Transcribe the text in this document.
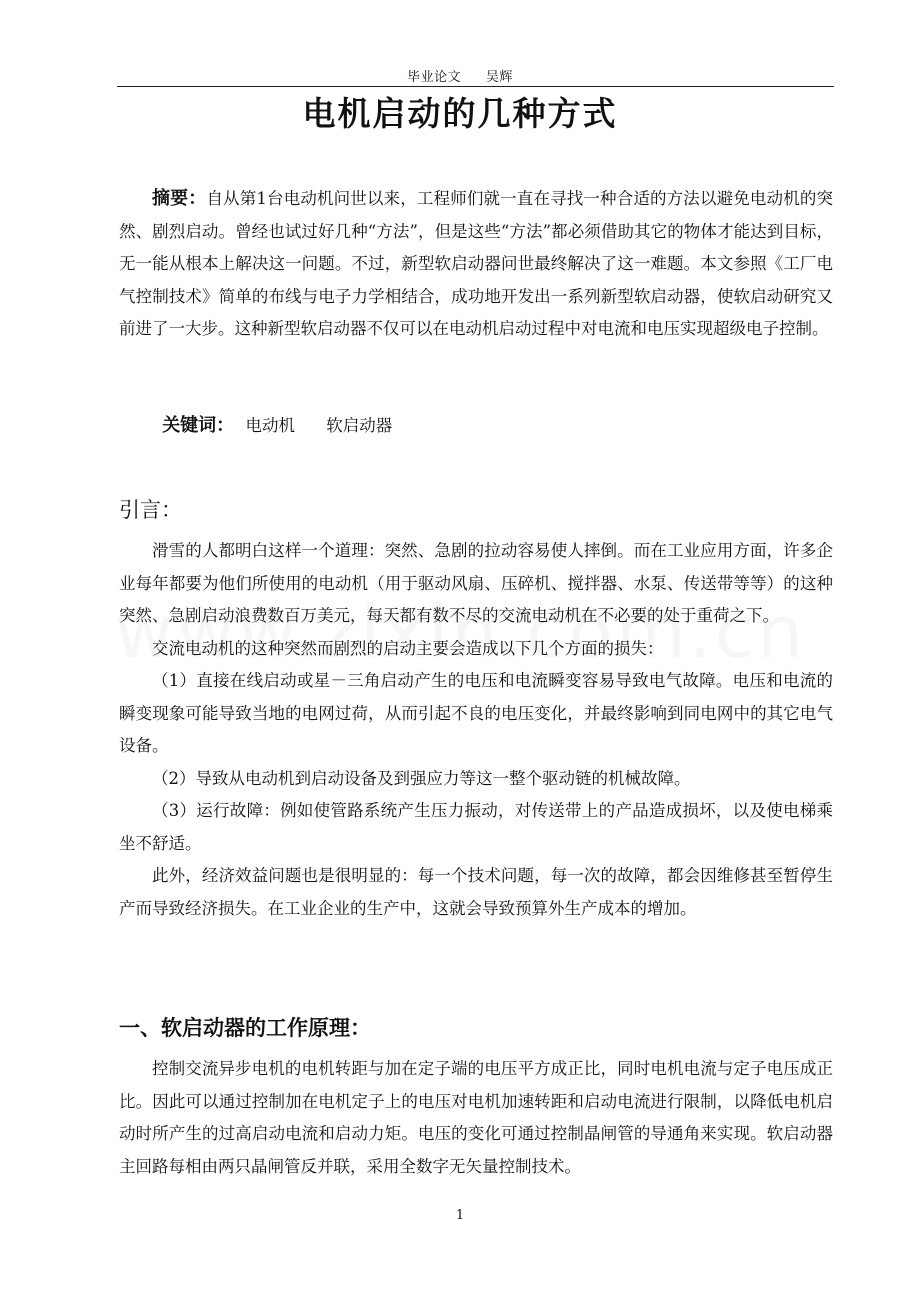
毕业论文 吴辉
电机启动的几种方式

摘要：自从第1台电动机问世以来，工程师们就一直在寻找一种合适的方法以避免电动机的突然、剧烈启动。曾经也试过好几种“方法”，但是这些“方法”都必须借助其它的物体才能达到目标，无一能从根本上解决这一问题。不过，新型软启动器问世最终解决了这一难题。本文参照《工厂电气控制技术》简单的布线与电子力学相结合，成功地开发出一系列新型软启动器，使软启动研究又前进了一大步。这种新型软启动器不仅可以在电动机启动过程中对电流和电压实现超级电子控制。

关键词： 电动机 软启动器
引言：

滑雪的人都明白这样一个道理：突然、急剧的拉动容易使人摔倒。而在工业应用方面，许多企业每年都要为他们所使用的电动机（用于驱动风扇、压碎机、搅拌器、水泵、传送带等等）的这种突然、急剧启动浪费数百万美元，每天都有数不尽的交流电动机在不必要的处于重荷之下。

交流电动机的这种突然而剧烈的启动主要会造成以下几个方面的损失：

（1）直接在线启动或星－三角启动产生的电压和电流瞬变容易导致电气故障。电压和电流的瞬变现象可能导致当地的电网过荷，从而引起不良的电压变化，并最终影响到同电网中的其它电气设备。

（2）导致从电动机到启动设备及到强应力等这一整个驱动链的机械故障。

（3）运行故障：例如使管路系统产生压力振动，对传送带上的产品造成损坏，以及使电梯乘坐不舒适。

此外，经济效益问题也是很明显的：每一个技术问题，每一次的故障，都会因维修甚至暂停生产而导致经济损失。在工业企业的生产中，这就会导致预算外生产成本的增加。

一、软启动器的工作原理：

控制交流异步电机的电机转距与加在定子端的电压平方成正比，同时电机电流与定子电压成正比。因此可以通过控制加在电机定子上的电压对电机加速转距和启动电流进行限制，以降低电机启动时所产生的过高启动电流和启动力矩。电压的变化可通过控制晶闸管的导通角来实现。软启动器主回路每相由两只晶闸管反并联，采用全数字无矢量控制技术。

1
